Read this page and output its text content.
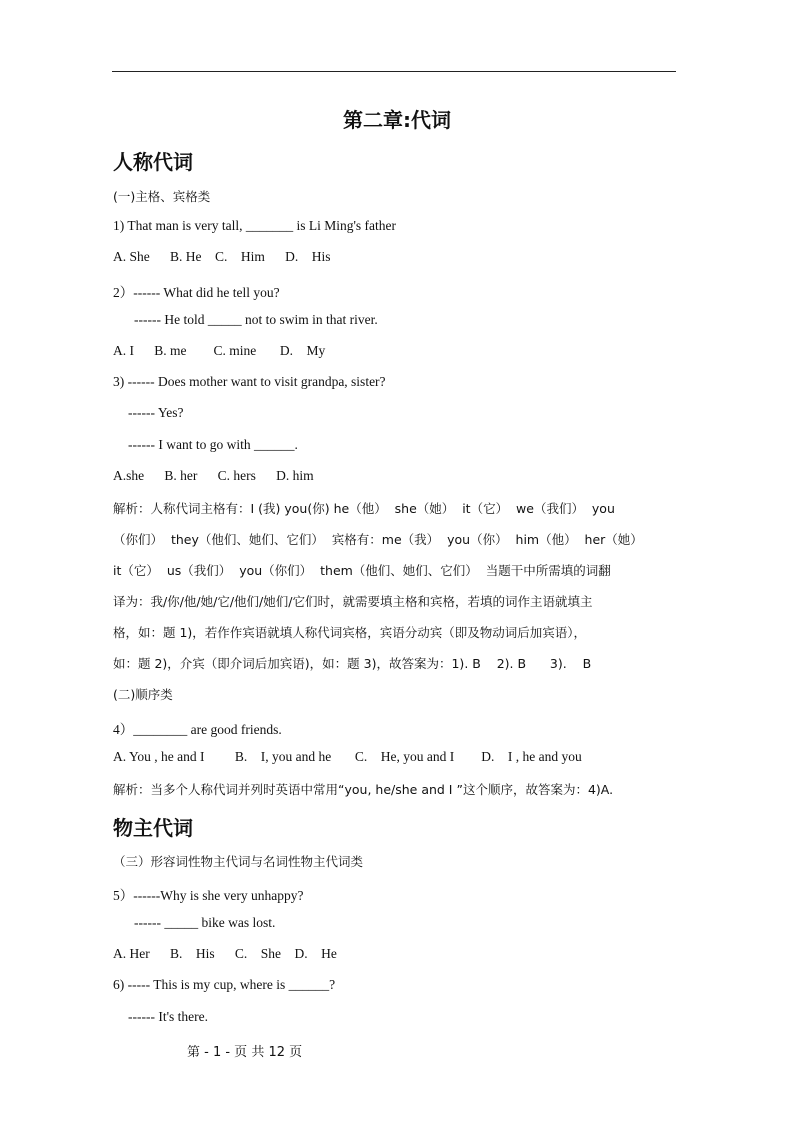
第二章:代词
人称代词
(一)主格、宾格类
1) That man is very tall, _______ is Li Ming's father
A. She      B. He    C.    Him      D.    His
2）------ What did he tell you?
------ He told _____ not to swim in that river.
A. I      B. me        C. mine       D.    My
3) ------ Does mother want to visit grandpa, sister?
------ Yes?
------ I want to go with ______.
A.she      B. her      C. hers      D. him
解析：人称代词主格有：I (我) you(你) he（他）  she（她）  it（它）  we（我们）  you
（你们）  they（他们、她们、它们）  宾格有：me（我）  you（你）  him（他）  her（她）
it（它）  us（我们）  you（你们）  them（他们、她们、它们）  当题干中所需填的词翻
译为：我/你/他/她/它/他们/她们/它们时，就需要填主格和宾格，若填的词作主语就填主
格，如：题 1)，若作作宾语就填人称代词宾格，宾语分动宾（即及物动词后加宾语），
如：题 2)，介宾（即介词后加宾语)，如：题 3)，故答案为：1). B    2). B      3).    B
(二)顺序类
4）________ are good friends.
A. You , he and I         B.    I, you and he       C.    He, you and I        D.    I , he and you
解析：当多个人称代词并列时英语中常用“you, he/she and I ”这个顺序，故答案为：4)A.
物主代词
（三）形容词性物主代词与名词性物主代词类
5）------Why is she very unhappy?
------ _____ bike was lost.
A. Her      B.    His      C.    She    D.    He
6) ----- This is my cup, where is ______?
------ It's there.
第 - 1 - 页 共 12 页
